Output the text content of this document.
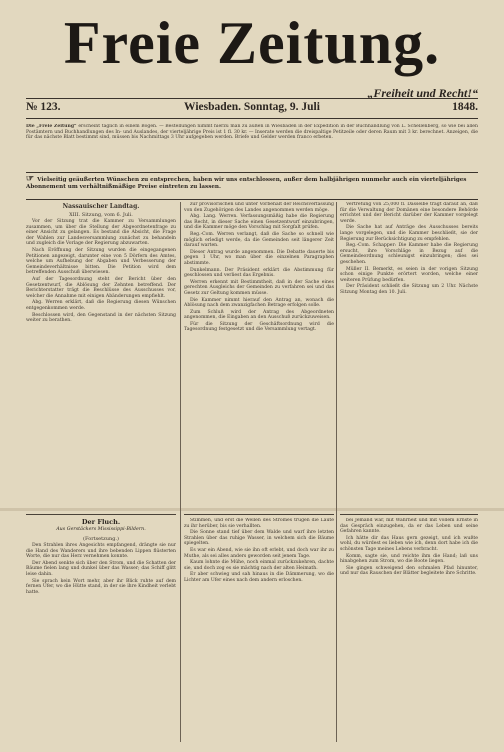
Freie Zeitung.
„Freiheit und Recht!“
№ 123.	Wiesbaden. Sonntag, 9. Juli	1848.
Die „Freie Zeitung“ erscheint täglich in einem Bogen. — Bestellungen nimmt hierzu man zu außen in Wiesbaden in der Expedition in der Buchhandlung von L. Schellenberg, so wie bei allen Postämtern und Buchhandlungen des In- und Auslandes, der vierteljährige Preis ist 1 fl. 30 kr. — Inserate werden die dreispaltige Petitzeile oder deren Raum mit 3 kr. berechnet. Anzeigen, die für das nächste Blatt bestimmt sind, müssen bis Nachmittags 3 Uhr aufgegeben werden. Briefe und Gelder werden franco erbeten.
☞ Vielseitig geäußerten Wünschen zu entsprechen, haben wir uns entschlossen, außer dem halbjährigen nunmehr auch ein vierteljähriges Abonnement um verhältnißmäßige Preise eintreten zu lassen.
Nassauischer Landtag.
XIII. Sitzung, vom 6. Juli.

Vor der Sitzung trat die Kammer zu Versammlungen zusammen, um über die Stellung der Abgeordnetenfrage zu einer Ansicht zu gelangen. Es bestand die Absicht, die Frage der Wahlen zur Landesversammlung zunächst zu behandeln und zugleich die Vorlage der Regierung abzuwarten.

Nach Eröffnung der Sitzung wurden die eingegangenen Petitionen angezeigt, darunter eine von 5 Dörfern des Amtes, welche um Aufhebung der Abgaben und Verbesserung der Gemeindeverhältnisse bitten. Die Petition wird dem betreffenden Ausschuß überwiesen.

Auf der Tagesordnung steht der Bericht über den Gesetzentwurf, die Ablösung der Zehnten betreffend. Der Berichterstatter trägt die Beschlüsse des Ausschusses vor, welcher die Annahme mit einigen Abänderungen empfiehlt.

Abg. Werren erklärt, daß die Regierung diesen Wünschen entgegenkommen werde.

Beschlossen wird, den Gegenstand in der nächsten Sitzung weiter zu berathen.

zur provisorischen und unter Vorbehalt der Reichsverfassung von den Zugehörigen des Landes angenommen werden möge.

Abg. Lang. Werren. Verfassungsmäßig habe die Regierung das Recht, in dieser Sache einen Gesetzentwurf einzubringen, und die Kammer möge den Vorschlag mit Sorgfalt prüfen.

Reg.-Com. Werren verlangt, daß die Sache so schnell wie möglich erledigt werde, da die Gemeinden seit längerer Zeit darauf warten.

Dieser Antrag wurde angenommen. Die Debatte dauerte bis gegen 1 Uhr, wo man über die einzelnen Paragraphen abstimmte.

Dunkelmann. Der Präsident erklärt die Abstimmung für geschlossen und verliest das Ergebnis.

Werren erkennt mit Bestimmtheit, daß in der Sache eines gerechten Ausgleichs der Gemeinden zu verfahren sei und das Gesetz zur Geltung kommen müsse.

Die Kammer nimmt hierauf den Antrag an, wonach die Ablösung nach dem zwanzigfachen Betrage erfolgen solle.

Zum Schluß wird der Antrag des Abgeordneten angenommen, die Eingaben an den Ausschuß zurückzuweisen.

Für die Sitzung der Geschäftsordnung wird die Tagesordnung festgesetzt und die Versammlung vertagt.

Vertretung von 25,000 fl. Dasselbe trägt darauf an, daß für die Verwaltung der Domänen eine besondere Behörde errichtet und der Bericht darüber der Kammer vorgelegt werde.

Die Sache hat auf Anträge des Ausschusses bereits lange vorgelegen, und die Kammer beschließt, sie der Regierung zur Berücksichtigung zu empfehlen.

Reg.-Com. Schapper: Die Kammer habe die Regierung ersucht, ihre Vorschläge in Bezug auf die Gemeindeordnung schleunigst einzubringen; dies sei geschehen.

Müller II. Bemerkt, es seien in der vorigen Sitzung schon einige Punkte erörtert worden, welche einer weiteren Prüfung bedürfen.

Der Präsident schließt die Sitzung um 2 Uhr. Nächste Sitzung Montag den 10. Juli.

Der Fluch.
Aus Gerstäckers Mississippi-Bildern.
(Fortsetzung.)

Den Strahlen ihres Angesichts empfangend, drängte sie nur die Hand des Wanderers und ihre bebenden Lippen flüsterten Worte, die nur das Herz vernehmen konnte.

Der Abend senkte sich über den Strom, und die Schatten der Bäume fielen lang und dunkel über das Wasser; das Schiff glitt leise dahin.

Sie sprach kein Wort mehr, aber ihr Blick ruhte auf dem fernen Ufer, wo die Hütte stand, in der sie ihre Kindheit verlebt hatte.

Stimmen, und erst die Wellen des Stromes trugen die Laute zu ihr herüber, bis sie verhallten.

Die Sonne stand tief über dem Walde und warf ihre letzten Strahlen über das ruhige Wasser, in welchem sich die Bäume spiegelten.

Es war ein Abend, wie sie ihn oft erlebt, und doch war ihr zu Muthe, als sei alles anders geworden seit jenem Tage.

Kaum lohnte die Mühe, noch einmal zurückzukehren, dachte sie, und doch zog es sie mächtig nach der alten Heimath.

Er aber schwieg und sah hinaus in die Dämmerung, wo die Lichter am Ufer eines nach dem andern erloschen.

bei Jemand war, mit Wahrheit und mit vollem Ernste in das Gespräch einzugehen, da er das Leben und seine Gefahren kannte.

Ich hätte dir das Haus gern gezeigt, und ich wußte wohl, du würdest es lieben wie ich, denn dort habe ich die schönsten Tage meines Lebens verbracht.

Komm, sagte sie, und reichte ihm die Hand; laß uns hinabgehen zum Strom, wo die Boote liegen.

Sie gingen schweigend den schmalen Pfad hinunter, und nur das Rauschen der Blätter begleitete ihre Schritte.
